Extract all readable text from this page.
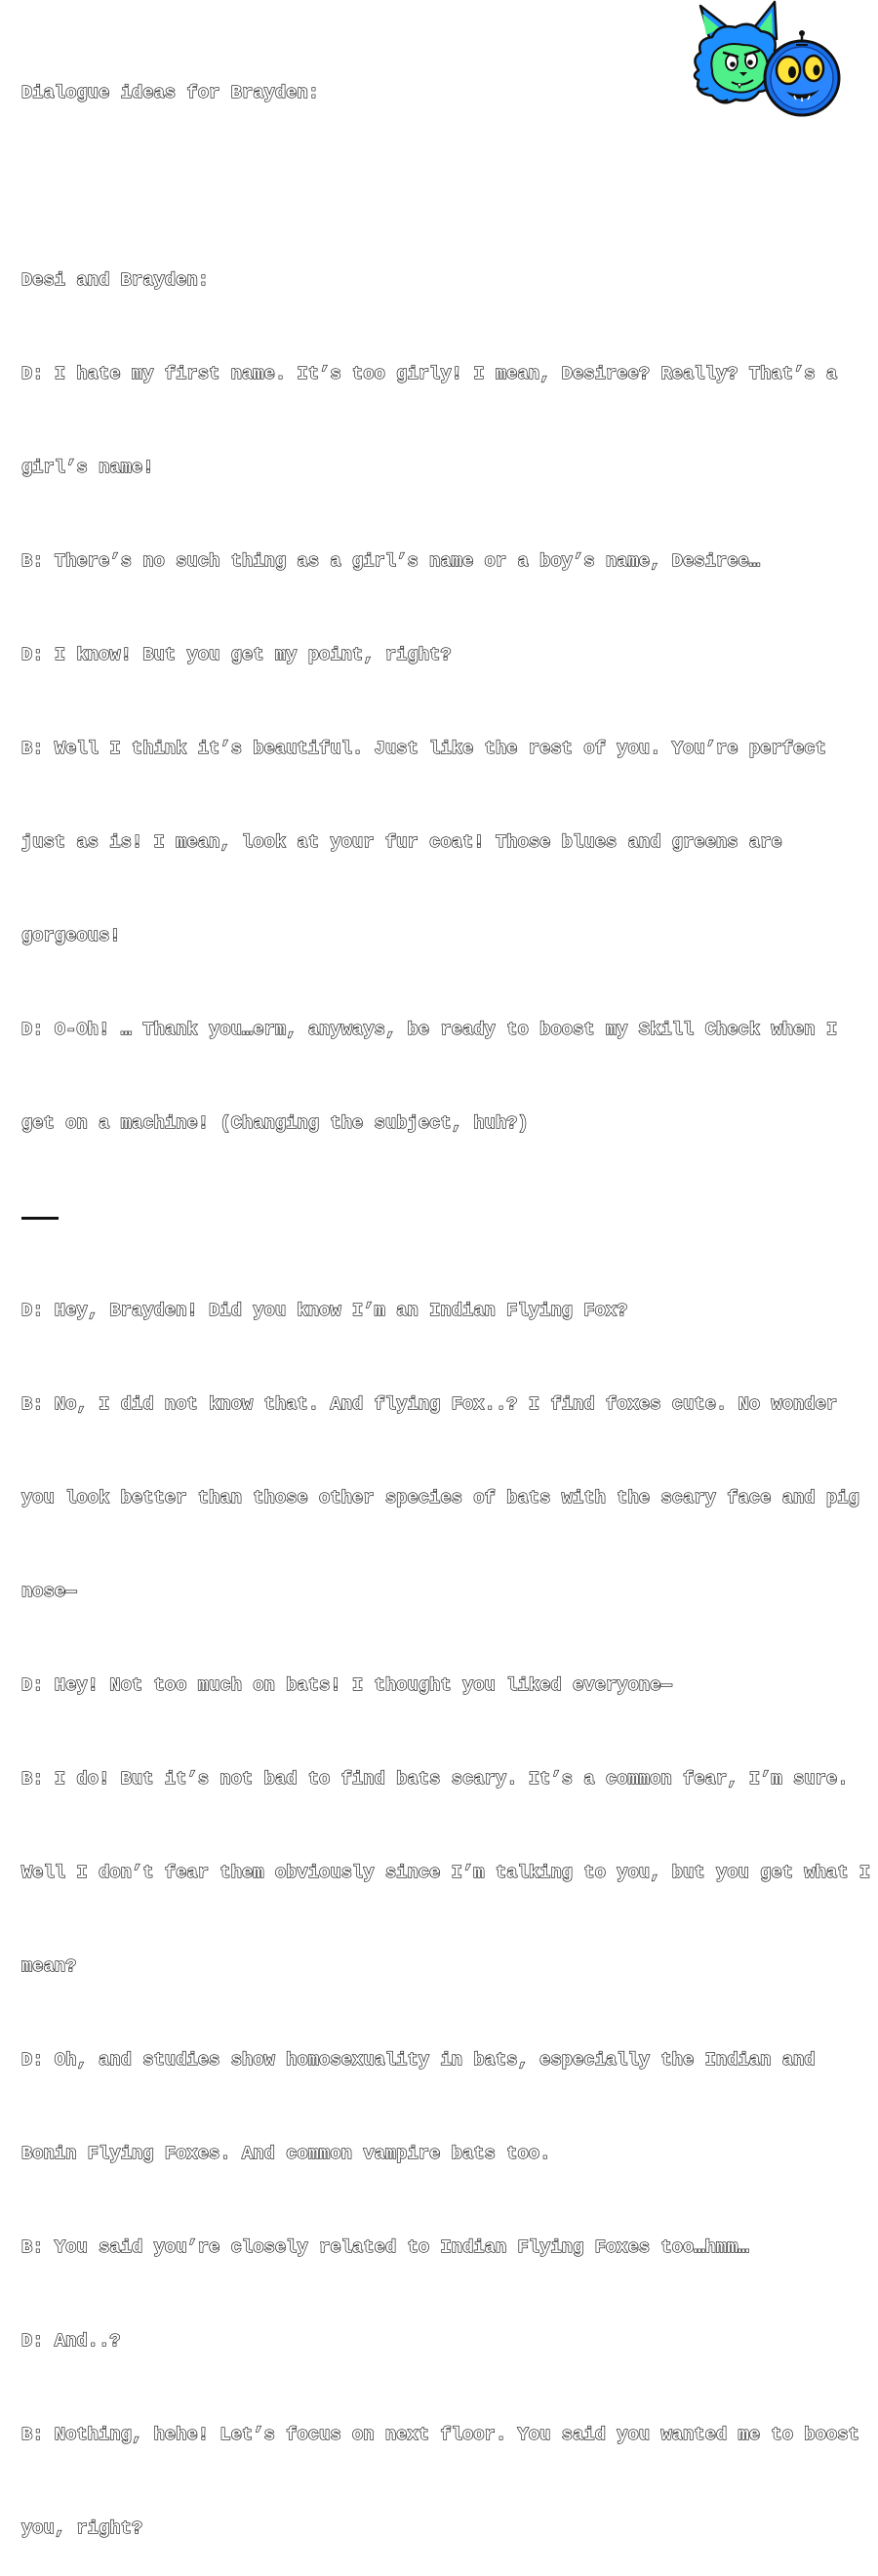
Dialogue ideas for Brayden:

Desi and Brayden:

D: I hate my first name. It’s too girly! I mean, Desiree? Really? That’s a

girl’s name!

B: There’s no such thing as a girl’s name or a boy’s name, Desiree…

D: I know! But you get my point, right?

B: Well I think it’s beautiful. Just like the rest of you. You’re perfect

just as is! I mean, look at your fur coat! Those blues and greens are

gorgeous!

D: O-Oh! … Thank you…erm, anyways, be ready to boost my Skill Check when I

get on a machine! (Changing the subject, huh?)

D: Hey, Brayden! Did you know I’m an Indian Flying Fox?

B: No, I did not know that. And flying Fox..? I find foxes cute. No wonder

you look better than those other species of bats with the scary face and pig

nose—

D: Hey! Not too much on bats! I thought you liked everyone—

B: I do! But it’s not bad to find bats scary. It’s a common fear, I’m sure.

Well I don’t fear them obviously since I’m talking to you, but you get what I

mean?

D: Oh, and studies show homosexuality in bats, especially the Indian and

Bonin Flying Foxes. And common vampire bats too.

B: You said you’re closely related to Indian Flying Foxes too…hmm…

D: And..?

B: Nothing, hehe! Let’s focus on next floor. You said you wanted me to boost

you, right?
